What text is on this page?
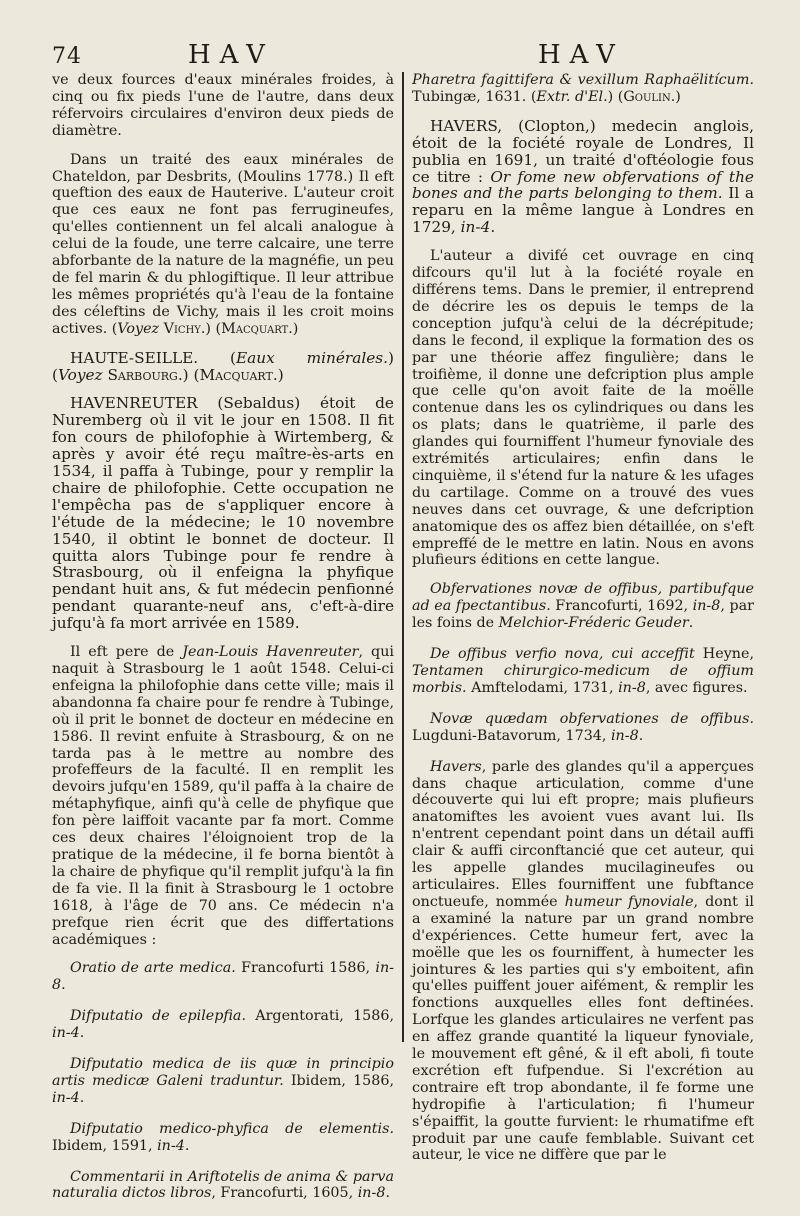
74	HAV	HAV

ve deux fources d'eaux minérales froides, à cinq ou fix pieds l'une de l'autre, dans deux réfervoirs circulaires d'environ deux pieds de diamètre.

Dans un traité des eaux minérales de Chateldon, par Desbrits, (Moulins 1778.) Il eft queftion des eaux de Hauterive. L'auteur croit que ces eaux ne font pas ferrugineufes, qu'elles contiennent un fel alcali analogue à celui de la foude, une terre calcaire, une terre abforbante de la nature de la magnéfie, un peu de fel marin & du phlogiftique. Il leur attribue les mêmes propriétés qu'à l'eau de la fontaine des céleftins de Vichy, mais il les croit moins actives. (Voyez Vichy.) (Macquart.)

HAUTE-SEILLE. (Eaux minérales.) (Voyez Sarbourg.) (Macquart.)

HAVENREUTER (Sebaldus) étoit de Nuremberg où il vit le jour en 1508. Il fit fon cours de philofophie à Wirtemberg, & après y avoir été reçu maître-ès-arts en 1534, il paffa à Tubinge, pour y remplir la chaire de philofophie. Cette occupation ne l'empêcha pas de s'appliquer encore à l'étude de la médecine; le 10 novembre 1540, il obtint le bonnet de docteur. Il quitta alors Tubinge pour fe rendre à Strasbourg, où il enfeigna la phyfique pendant huit ans, & fut médecin penfionné pendant quarante-neuf ans, c'eft-à-dire jufqu'à fa mort arrivée en 1589.

Il eft pere de Jean-Louis Havenreuter, qui naquit à Strasbourg le 1 août 1548. Celui-ci enfeigna la philofophie dans cette ville; mais il abandonna fa chaire pour fe rendre à Tubinge, où il prit le bonnet de docteur en médecine en 1586. Il revint enfuite à Strasbourg, & on ne tarda pas à le mettre au nombre des profeffeurs de la faculté. Il en remplit les devoirs jufqu'en 1589, qu'il paffa à la chaire de métaphyfique, ainfi qu'à celle de phyfique que fon père laiffoit vacante par fa mort. Comme ces deux chaires l'éloignoient trop de la pratique de la médecine, il fe borna bientôt à la chaire de phyfique qu'il remplit jufqu'à la fin de fa vie. Il la finit à Strasbourg le 1 octobre 1618, à l'âge de 70 ans. Ce médecin n'a prefque rien écrit que des differtations académiques :

Oratio de arte medica. Francofurti 1586, in-8.

Difputatio de epilepfia. Argentorati, 1586, in-4.

Difputatio medica de iis quæ in principio artis medicæ Galeni traduntur. Ibidem, 1586, in-4.

Difputatio medico-phyfica de elementis. Ibidem, 1591, in-4.

Commentarii in Ariftotelis de anima & parva naturalia dictos libros, Francofurti, 1605, in-8.

Pharetra fagittifera & vexillum Raphaëlitícum. Tubingæ, 1631. (Extr. d'El.) (Goulin.)

HAVERS, (Clopton,) medecin anglois, étoit de la fociété royale de Londres, Il publia en 1691, un traité d'oftéologie fous ce titre : Or fome new obfervations of the bones and the parts belonging to them. Il a reparu en la même langue à Londres en 1729, in-4.

L'auteur a divifé cet ouvrage en cinq difcours qu'il lut à la fociété royale en différens tems. Dans le premier, il entreprend de décrire les os depuis le temps de la conception jufqu'à celui de la décrépitude; dans le fecond, il explique la formation des os par une théorie affez fingulière; dans le troifième, il donne une defcription plus ample que celle qu'on avoit faite de la moëlle contenue dans les os cylindriques ou dans les os plats; dans le quatrième, il parle des glandes qui fourniffent l'humeur fynoviale des extrémités articulaires; enfin dans le cinquième, il s'étend fur la nature & les ufages du cartilage. Comme on a trouvé des vues neuves dans cet ouvrage, & une defcription anatomique des os affez bien détaillée, on s'eft empreffé de le mettre en latin. Nous en avons plufieurs éditions en cette langue.

Obfervationes novæ de offibus, partibufque ad ea fpectantibus. Francofurti, 1692, in-8, par les foins de Melchior-Fréderic Geuder.

De offibus verfio nova, cui acceffit Heyne, Tentamen chirurgico-medicum de offium morbis. Amftelodami, 1731, in-8, avec figures.

Novæ quædam obfervationes de offibus. Lugduni-Batavorum, 1734, in-8.

Havers, parle des glandes qu'il a apperçues dans chaque articulation, comme d'une découverte qui lui eft propre; mais plufieurs anatomiftes les avoient vues avant lui. Ils n'entrent cependant point dans un détail auffi clair & auffi circonftancié que cet auteur, qui les appelle glandes mucilagineufes ou articulaires. Elles fourniffent une fubftance onctueufe, nommée humeur fynoviale, dont il a examiné la nature par un grand nombre d'expériences. Cette humeur fert, avec la moëlle que les os fourniffent, à humecter les jointures & les parties qui s'y emboitent, afin qu'elles puiffent jouer aifément, & remplir les fonctions auxquelles elles font deftinées. Lorfque les glandes articulaires ne verfent pas en affez grande quantité la liqueur fynoviale, le mouvement eft gêné, & il eft aboli, fi toute excrétion eft fufpendue. Si l'excrétion au contraire eft trop abondante, il fe forme une hydropifie à l'articulation; fi l'humeur s'épaiffit, la goutte furvient: le rhumatifme eft produit par une caufe femblable. Suivant cet auteur, le vice ne diffère que par le
